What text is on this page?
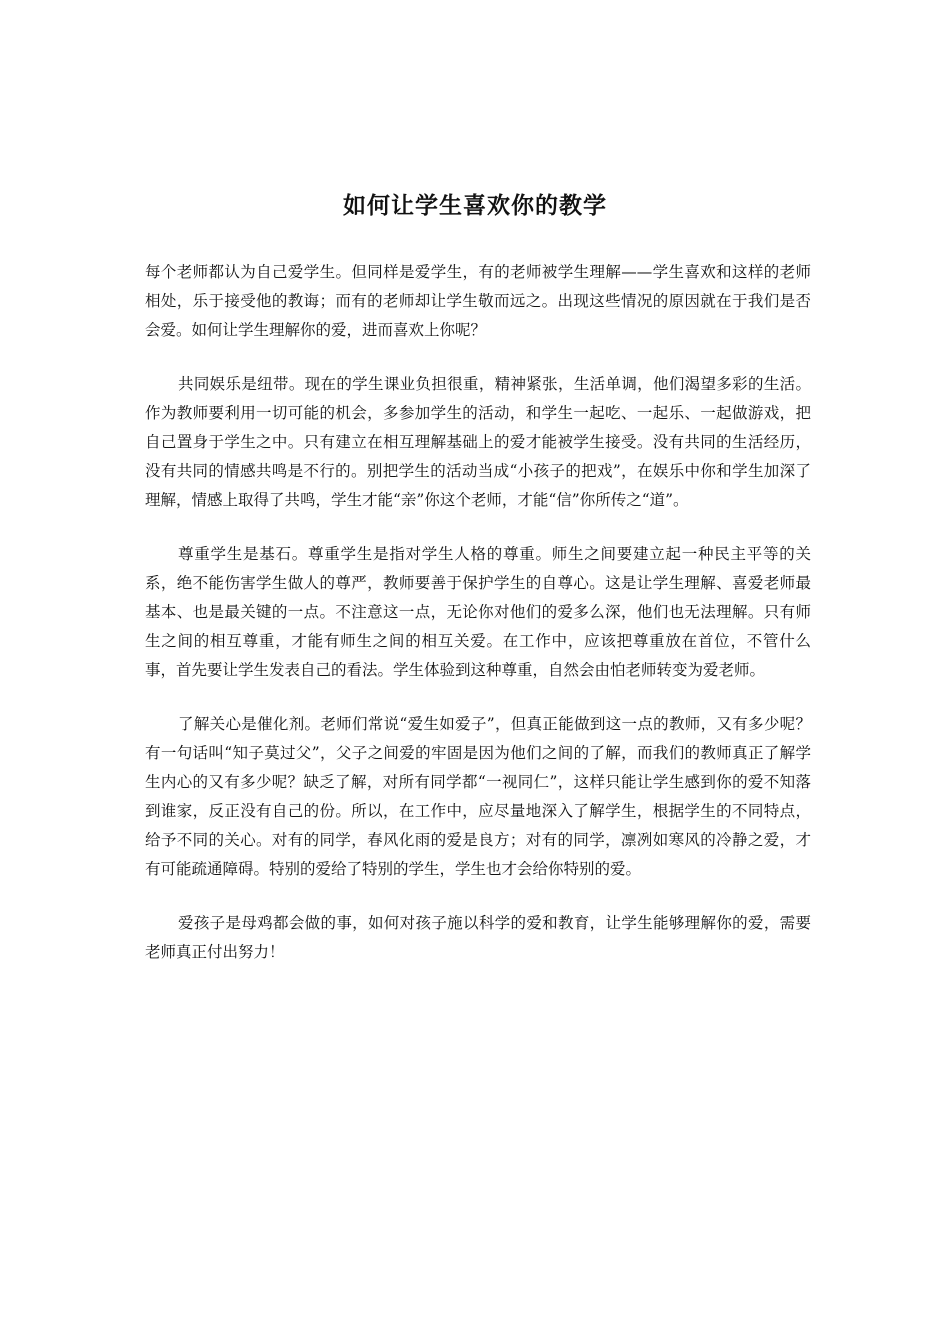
如何让学生喜欢你的教学

每个老师都认为自己爱学生。但同样是爱学生，有的老师被学生理解——学生喜欢和这样的老师相处，乐于接受他的教诲；而有的老师却让学生敬而远之。出现这些情况的原因就在于我们是否会爱。如何让学生理解你的爱，进而喜欢上你呢？

共同娱乐是纽带。现在的学生课业负担很重，精神紧张，生活单调，他们渴望多彩的生活。作为教师要利用一切可能的机会，多参加学生的活动，和学生一起吃、一起乐、一起做游戏，把自己置身于学生之中。只有建立在相互理解基础上的爱才能被学生接受。没有共同的生活经历，没有共同的情感共鸣是不行的。别把学生的活动当成“小孩子的把戏”，在娱乐中你和学生加深了理解，情感上取得了共鸣，学生才能“亲”你这个老师，才能“信”你所传之“道”。

尊重学生是基石。尊重学生是指对学生人格的尊重。师生之间要建立起一种民主平等的关系，绝不能伤害学生做人的尊严，教师要善于保护学生的自尊心。这是让学生理解、喜爱老师最基本、也是最关键的一点。不注意这一点，无论你对他们的爱多么深，他们也无法理解。只有师生之间的相互尊重，才能有师生之间的相互关爱。在工作中，应该把尊重放在首位，不管什么事，首先要让学生发表自己的看法。学生体验到这种尊重，自然会由怕老师转变为爱老师。

了解关心是催化剂。老师们常说“爱生如爱子”，但真正能做到这一点的教师，又有多少呢？有一句话叫“知子莫过父”，父子之间爱的牢固是因为他们之间的了解，而我们的教师真正了解学生内心的又有多少呢？缺乏了解，对所有同学都“一视同仁”，这样只能让学生感到你的爱不知落到谁家，反正没有自己的份。所以，在工作中，应尽量地深入了解学生，根据学生的不同特点，给予不同的关心。对有的同学，春风化雨的爱是良方；对有的同学，凛冽如寒风的冷静之爱，才有可能疏通障碍。特别的爱给了特别的学生，学生也才会给你特别的爱。

爱孩子是母鸡都会做的事，如何对孩子施以科学的爱和教育，让学生能够理解你的爱，需要老师真正付出努力！
